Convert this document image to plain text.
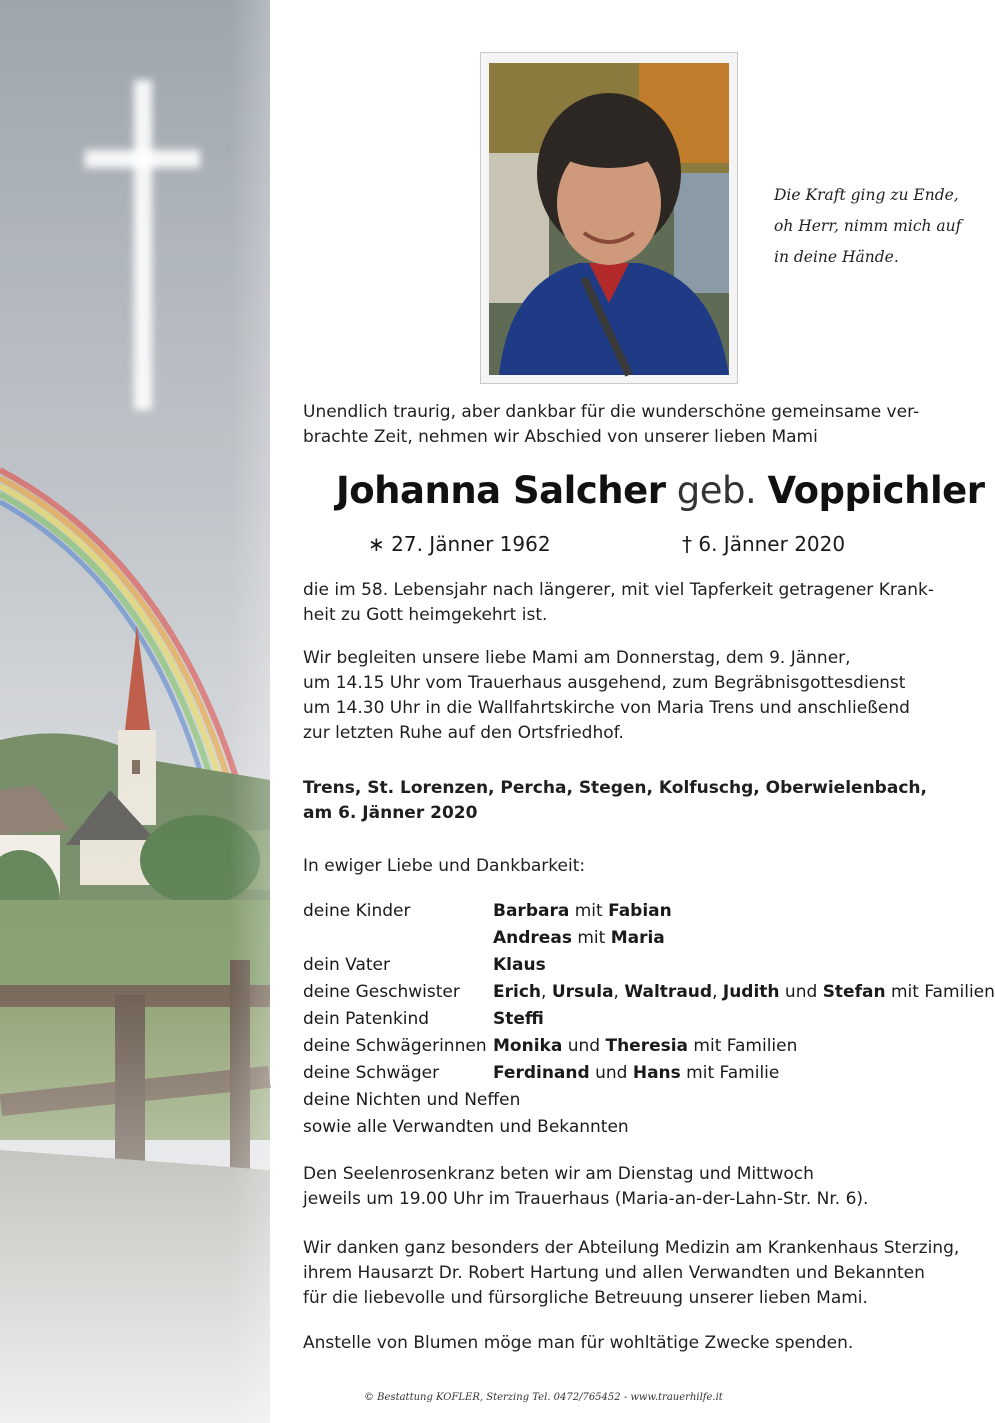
Die Kraft ging zu Ende,
oh Herr, nimm mich auf
in deine Hände.
Unendlich traurig, aber dankbar für die wunderschöne gemeinsame ver-
brachte Zeit, nehmen wir Abschied von unserer lieben Mami
Johanna Salcher geb. Voppichler
∗ 27. Jänner 1962	† 6. Jänner 2020
die im 58. Lebensjahr nach längerer, mit viel Tapferkeit getragener Krank-
heit zu Gott heimgekehrt ist.
Wir begleiten unsere liebe Mami am Donnerstag, dem 9. Jänner,
um 14.15 Uhr vom Trauerhaus ausgehend, zum Begräbnisgottesdienst
um 14.30 Uhr in die Wallfahrtskirche von Maria Trens und anschließend
zur letzten Ruhe auf den Ortsfriedhof.
Trens, St. Lorenzen, Percha, Stegen, Kolfuschg, Oberwielenbach,
am 6. Jänner 2020
In ewiger Liebe und Dankbarkeit:
deine Kinder	Barbara mit Fabian
Andreas mit Maria
dein Vater	Klaus
deine Geschwister Erich, Ursula, Waltraud, Judith und Stefan mit Familien
dein Patenkind	Steffi
deine Schwägerinnen Monika und Theresia mit Familien
deine Schwäger	Ferdinand und Hans mit Familie
deine Nichten und Neffen
sowie alle Verwandten und Bekannten
Den Seelenrosenkranz beten wir am Dienstag und Mittwoch
jeweils um 19.00 Uhr im Trauerhaus (Maria-an-der-Lahn-Str. Nr. 6).
Wir danken ganz besonders der Abteilung Medizin am Krankenhaus Sterzing,
ihrem Hausarzt Dr. Robert Hartung und allen Verwandten und Bekannten
für die liebevolle und fürsorgliche Betreuung unserer lieben Mami.
Anstelle von Blumen möge man für wohltätige Zwecke spenden.
© Bestattung KOFLER, Sterzing Tel. 0472/765452 - www.trauerhilfe.it
